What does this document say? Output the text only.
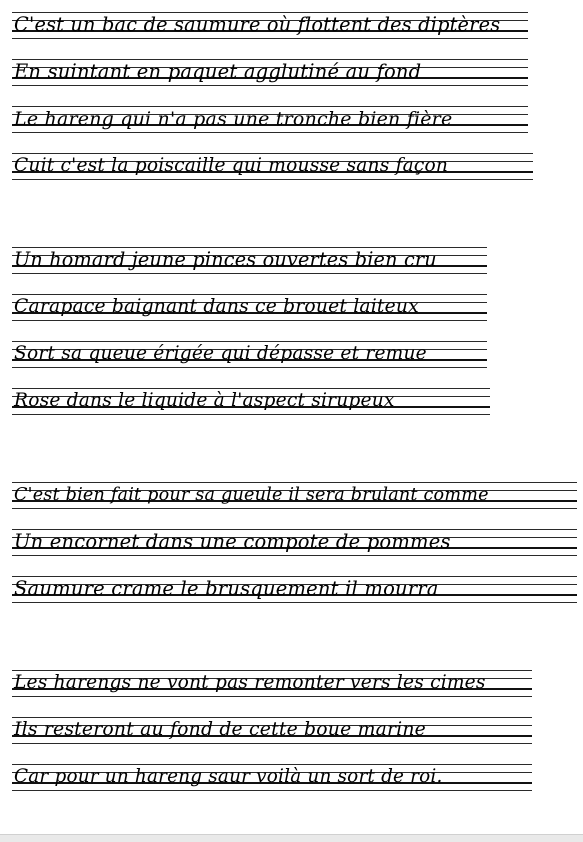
C'est un bac de saumure où flottent des diptères
En suintant en paquet agglutiné au fond
Le hareng qui n'a pas une tronche bien fière
Cuit c'est la poiscaille qui mousse sans façon
Un homard jeune pinces ouvertes bien cru
Carapace baignant dans ce brouet laiteux
Sort sa queue érigée qui dépasse et remue
Rose dans le liquide à l'aspect sirupeux
C'est bien fait pour sa gueule il sera brulant comme
Un encornet dans une compote de pommes
Saumure crame le brusquement il mourra
Les harengs ne vont pas remonter vers les cimes
Ils resteront au fond de cette boue marine
Car pour un hareng saur voilà un sort de roi.
